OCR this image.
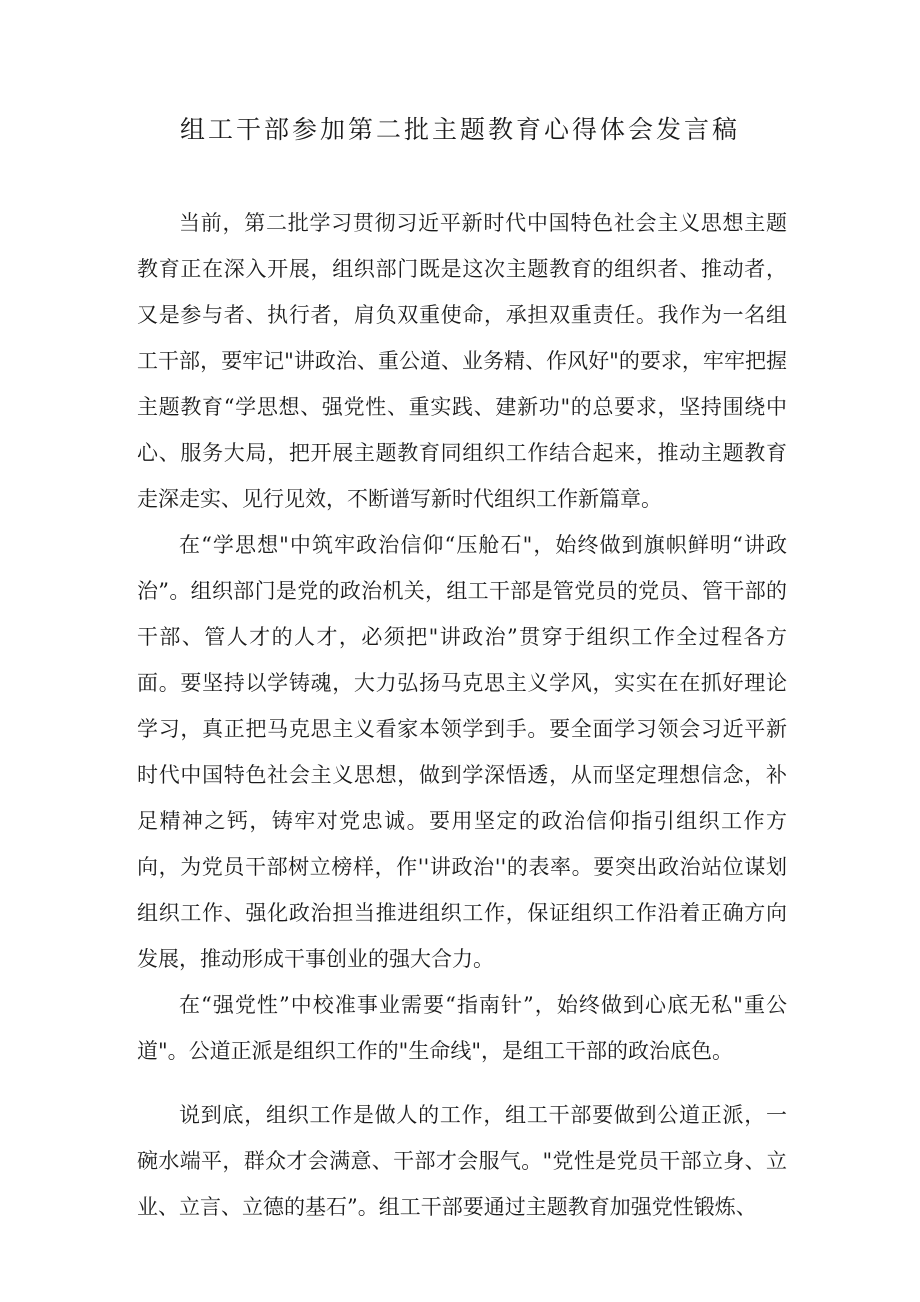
组工干部参加第二批主题教育心得体会发言稿

当前，第二批学习贯彻习近平新时代中国特色社会主义思想主题教育正在深入开展，组织部门既是这次主题教育的组织者、推动者，又是参与者、执行者，肩负双重使命，承担双重责任。我作为一名组工干部，要牢记"讲政治、重公道、业务精、作风好"的要求，牢牢把握主题教育“学思想、强党性、重实践、建新功"的总要求，坚持围绕中心、服务大局，把开展主题教育同组织工作结合起来，推动主题教育走深走实、见行见效，不断谱写新时代组织工作新篇章。

在“学思想"中筑牢政治信仰“压舱石"，始终做到旗帜鲜明“讲政治”。组织部门是党的政治机关，组工干部是管党员的党员、管干部的干部、管人才的人才，必须把"讲政治”贯穿于组织工作全过程各方面。要坚持以学铸魂，大力弘扬马克思主义学风，实实在在抓好理论学习，真正把马克思主义看家本领学到手。要全面学习领会习近平新时代中国特色社会主义思想，做到学深悟透，从而坚定理想信念，补足精神之钙，铸牢对党忠诚。要用坚定的政治信仰指引组织工作方向，为党员干部树立榜样，作''讲政治''的表率。要突出政治站位谋划组织工作、强化政治担当推进组织工作，保证组织工作沿着正确方向发展，推动形成干事创业的强大合力。

在“强党性”中校准事业需要“指南针”，始终做到心底无私"重公道"。公道正派是组织工作的"生命线"，是组工干部的政治底色。

说到底，组织工作是做人的工作，组工干部要做到公道正派，一碗水端平，群众才会满意、干部才会服气。"党性是党员干部立身、立业、立言、立德的基石”。组工干部要通过主题教育加强党性锻炼、
